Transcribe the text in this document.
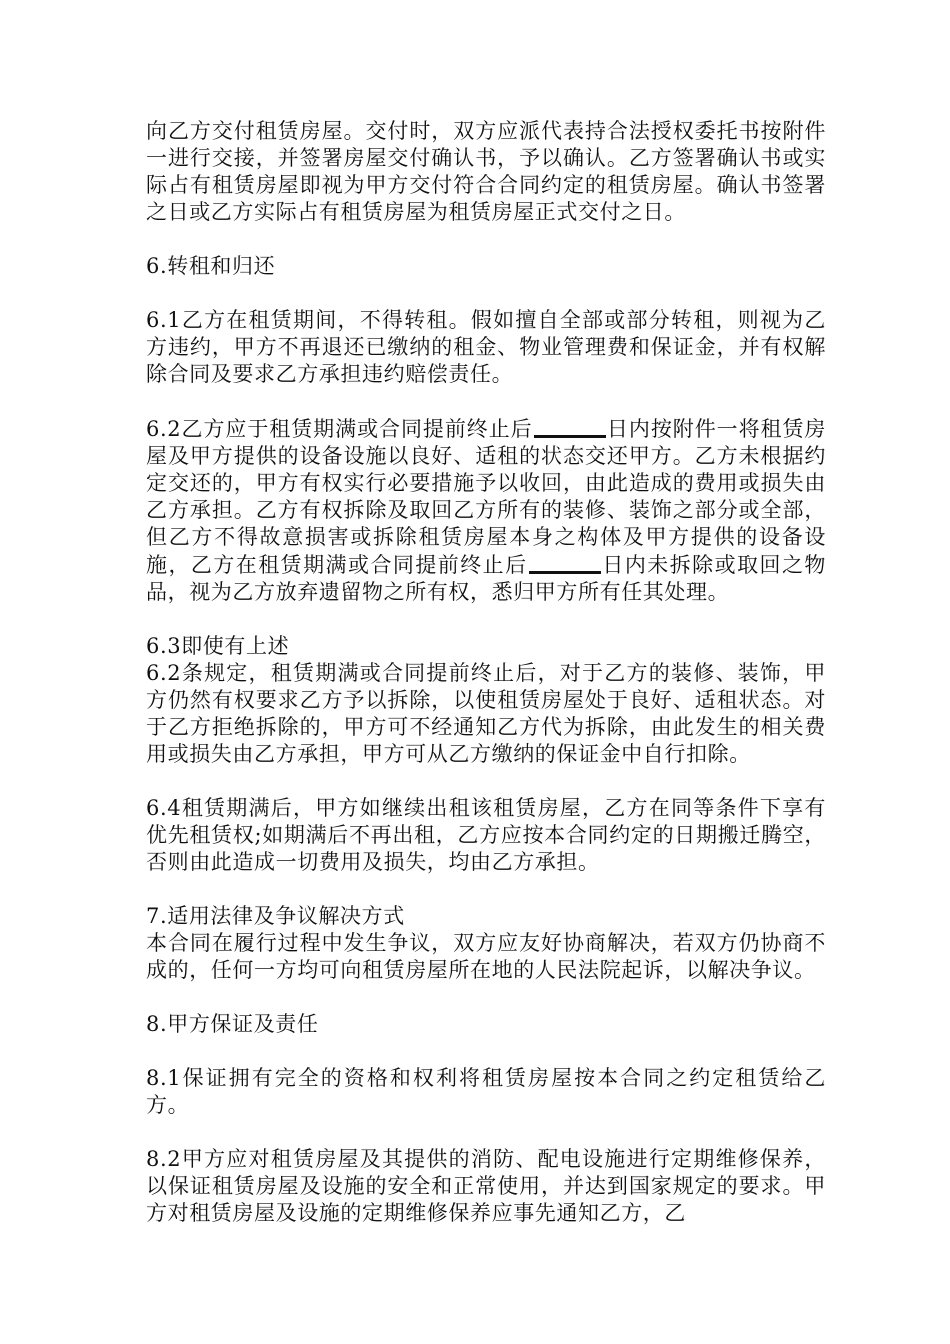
向乙方交付租赁房屋。交付时，双方应派代表持合法授权委托书按附件一进行交接，并签署房屋交付确认书，予以确认。乙方签署确认书或实际占有租赁房屋即视为甲方交付符合合同约定的租赁房屋。确认书签署之日或乙方实际占有租赁房屋为租赁房屋正式交付之日。

6.转租和归还

6.1乙方在租赁期间，不得转租。假如擅自全部或部分转租，则视为乙方违约，甲方不再退还已缴纳的租金、物业管理费和保证金，并有权解除合同及要求乙方承担违约赔偿责任。

6.2乙方应于租赁期满或合同提前终止后	日内按附件一将租赁房屋及甲方提供的设备设施以良好、适租的状态交还甲方。乙方未根据约定交还的，甲方有权实行必要措施予以收回，由此造成的费用或损失由乙方承担。乙方有权拆除及取回乙方所有的装修、装饰之部分或全部，但乙方不得故意损害或拆除租赁房屋本身之构体及甲方提供的设备设施，乙方在租赁期满或合同提前终止后	日内未拆除或取回之物品，视为乙方放弃遗留物之所有权，悉归甲方所有任其处理。

6.3即使有上述

6.2条规定，租赁期满或合同提前终止后，对于乙方的装修、装饰，甲方仍然有权要求乙方予以拆除，以使租赁房屋处于良好、适租状态。对于乙方拒绝拆除的，甲方可不经通知乙方代为拆除，由此发生的相关费用或损失由乙方承担，甲方可从乙方缴纳的保证金中自行扣除。

6.4租赁期满后，甲方如继续出租该租赁房屋，乙方在同等条件下享有优先租赁权;如期满后不再出租，乙方应按本合同约定的日期搬迁腾空，否则由此造成一切费用及损失，均由乙方承担。

7.适用法律及争议解决方式

本合同在履行过程中发生争议，双方应友好协商解决，若双方仍协商不成的，任何一方均可向租赁房屋所在地的人民法院起诉，以解决争议。

8.甲方保证及责任

8.1保证拥有完全的资格和权利将租赁房屋按本合同之约定租赁给乙方。

8.2甲方应对租赁房屋及其提供的消防、配电设施进行定期维修保养，以保证租赁房屋及设施的安全和正常使用，并达到国家规定的要求。甲方对租赁房屋及设施的定期维修保养应事先通知乙方，乙
